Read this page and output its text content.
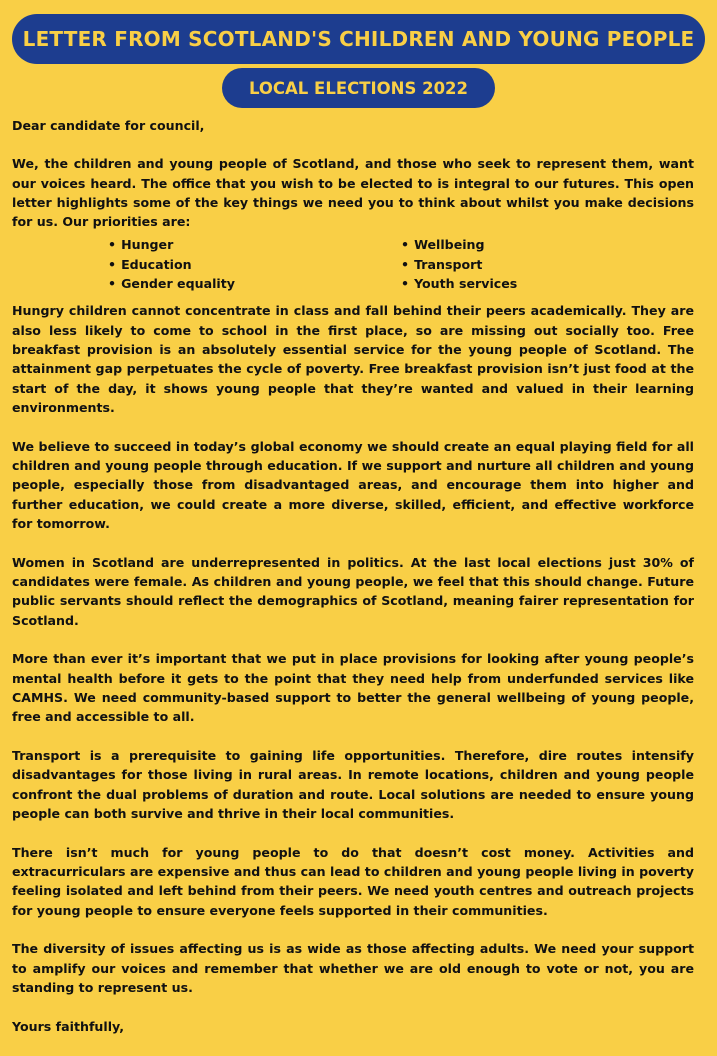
LETTER FROM SCOTLAND'S CHILDREN AND YOUNG PEOPLE
LOCAL ELECTIONS 2022

Dear candidate for council,

We, the children and young people of Scotland, and those who seek to represent them, want our voices heard. The office that you wish to be elected to is integral to our futures. This open letter highlights some of the key things we need you to think about whilst you make decisions for us. Our priorities are:

• Hunger
• Education
• Gender equality
• Wellbeing
• Transport
• Youth services

Hungry children cannot concentrate in class and fall behind their peers academically. They are also less likely to come to school in the first place, so are missing out socially too. Free breakfast provision is an absolutely essential service for the young people of Scotland. The attainment gap perpetuates the cycle of poverty. Free breakfast provision isn’t just food at the start of the day, it shows young people that they’re wanted and valued in their learning environments.

We believe to succeed in today’s global economy we should create an equal playing field for all children and young people through education. If we support and nurture all children and young people, especially those from disadvantaged areas, and encourage them into higher and further education, we could create a more diverse, skilled, efficient, and effective workforce for tomorrow.

Women in Scotland are underrepresented in politics. At the last local elections just 30% of candidates were female. As children and young people, we feel that this should change. Future public servants should reflect the demographics of Scotland, meaning fairer representation for Scotland.

More than ever it’s important that we put in place provisions for looking after young people’s mental health before it gets to the point that they need help from underfunded services like CAMHS. We need community-based support to better the general wellbeing of young people, free and accessible to all.

Transport is a prerequisite to gaining life opportunities. Therefore, dire routes intensify disadvantages for those living in rural areas. In remote locations, children and young people confront the dual problems of duration and route. Local solutions are needed to ensure young people can both survive and thrive in their local communities.

There isn’t much for young people to do that doesn’t cost money. Activities and extracurriculars are expensive and thus can lead to children and young people living in poverty feeling isolated and left behind from their peers. We need youth centres and outreach projects for young people to ensure everyone feels supported in their communities.

The diversity of issues affecting us is as wide as those affecting adults. We need your support to amplify our voices and remember that whether we are old enough to vote or not, you are standing to represent us.

Yours faithfully,
